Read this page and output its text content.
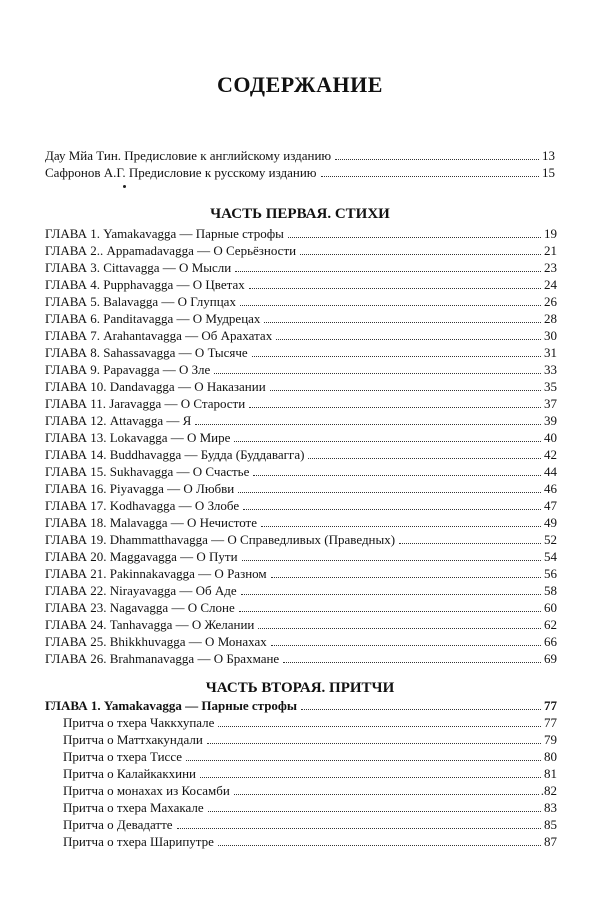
СОДЕРЖАНИЕ
Дау Мйа Тин. Предисловие к английскому изданию	13
Сафронов А.Г. Предисловие к русскому изданию	15
ЧАСТЬ ПЕРВАЯ. СТИХИ
ГЛАВА 1. Yamakavagga — Парные строфы	19
ГЛАВА 2.. Appamadavagga — О Серьёзности	21
ГЛАВА 3. Cittavagga — О Мысли	23
ГЛАВА 4. Pupphavagga — О Цветах	24
ГЛАВА 5. Balavagga — О Глупцах	26
ГЛАВА 6. Panditavagga — О Мудрецах	28
ГЛАВА 7. Arahantavagga — Об Арахатах	30
ГЛАВА 8. Sahassavagga — О Тысяче	31
ГЛАВА 9. Papavagga — О Зле	33
ГЛАВА 10. Dandavagga — О Наказании	35
ГЛАВА 11. Jaravagga — О Старости	37
ГЛАВА 12. Attavagga — Я	39
ГЛАВА 13. Lokavagga — О Мире	40
ГЛАВА 14. Buddhavagga — Будда (Буддавагга)	42
ГЛАВА 15. Sukhavagga — О Счастье	44
ГЛАВА 16. Piyavagga — О Любви	46
ГЛАВА 17. Kodhavagga — О Злобе	47
ГЛАВА 18. Malavagga — О Нечистоте	49
ГЛАВА 19. Dhammatthavagga — О Справедливых (Праведных)	52
ГЛАВА 20. Maggavagga — О Пути	54
ГЛАВА 21. Pakinnakavagga — О Разном	56
ГЛАВА 22. Nirayavagga — Об Аде	58
ГЛАВА 23. Nagavagga — О Слоне	60
ГЛАВА 24. Tanhavagga — О Желании	62
ГЛАВА 25. Bhikkhuvagga — О Монахах	66
ГЛАВА 26. Brahmanavagga — О Брахмане	69
ЧАСТЬ ВТОРАЯ. ПРИТЧИ
ГЛАВА 1. Yamakavagga — Парные строфы	77
Притча о тхера Чаккхупале	77
Притча о Маттхакундали	79
Притча о тхера Тиссе	80
Притча о Калайкакхини	81
Притча о монахах из Косамби	.82
Притча о тхера Махакале	83
Притча о Девадатте	85
Притча о тхера Шарипутре	87
